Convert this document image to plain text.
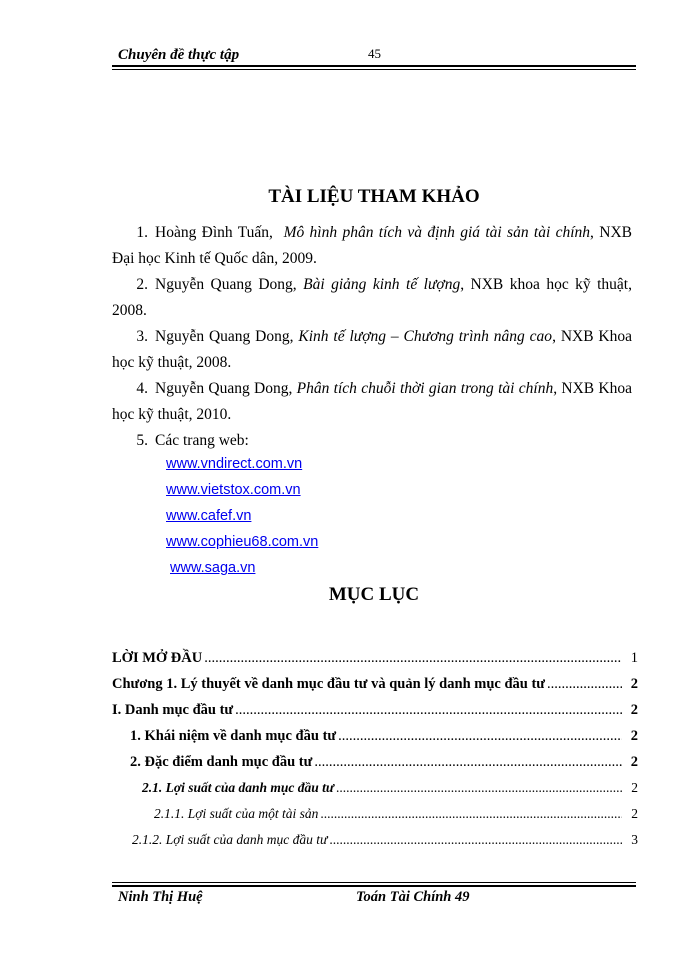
Chuyên đề thực tập	45
TÀI LIỆU THAM KHẢO

1. Hoàng Đình Tuấn, Mô hình phân tích và định giá tài sản tài chính, NXB Đại học Kinh tế Quốc dân, 2009.

2. Nguyễn Quang Dong, Bài giảng kinh tế lượng, NXB khoa học kỹ thuật, 2008.

3. Nguyễn Quang Dong, Kinh tế lượng – Chương trình nâng cao, NXB Khoa học kỹ thuật, 2008.

4. Nguyễn Quang Dong, Phân tích chuỗi thời gian trong tài chính, NXB Khoa học kỹ thuật, 2010.

5. Các trang web:

www.vndirect.com.vn
www.vietstox.com.vn
www.cafef.vn
www.cophieu68.com.vn
www.saga.vn
MỤC LỤC
LỜI MỞ ĐẦU .....	1
Chương 1. Lý thuyết về danh mục đầu tư và quản lý danh mục đầu tư .....	2
I. Danh mục đầu tư .....	2
1. Khái niệm về danh mục đầu tư .....	2
2. Đặc điểm danh mục đầu tư .....	2
2.1. Lợi suất của danh mục đầu tư .....	2
2.1.1. Lợi suất của một tài sản .....	2
2.1.2. Lợi suất của danh mục đầu tư .....	3
Ninh Thị Huệ	Toán Tài Chính 49
